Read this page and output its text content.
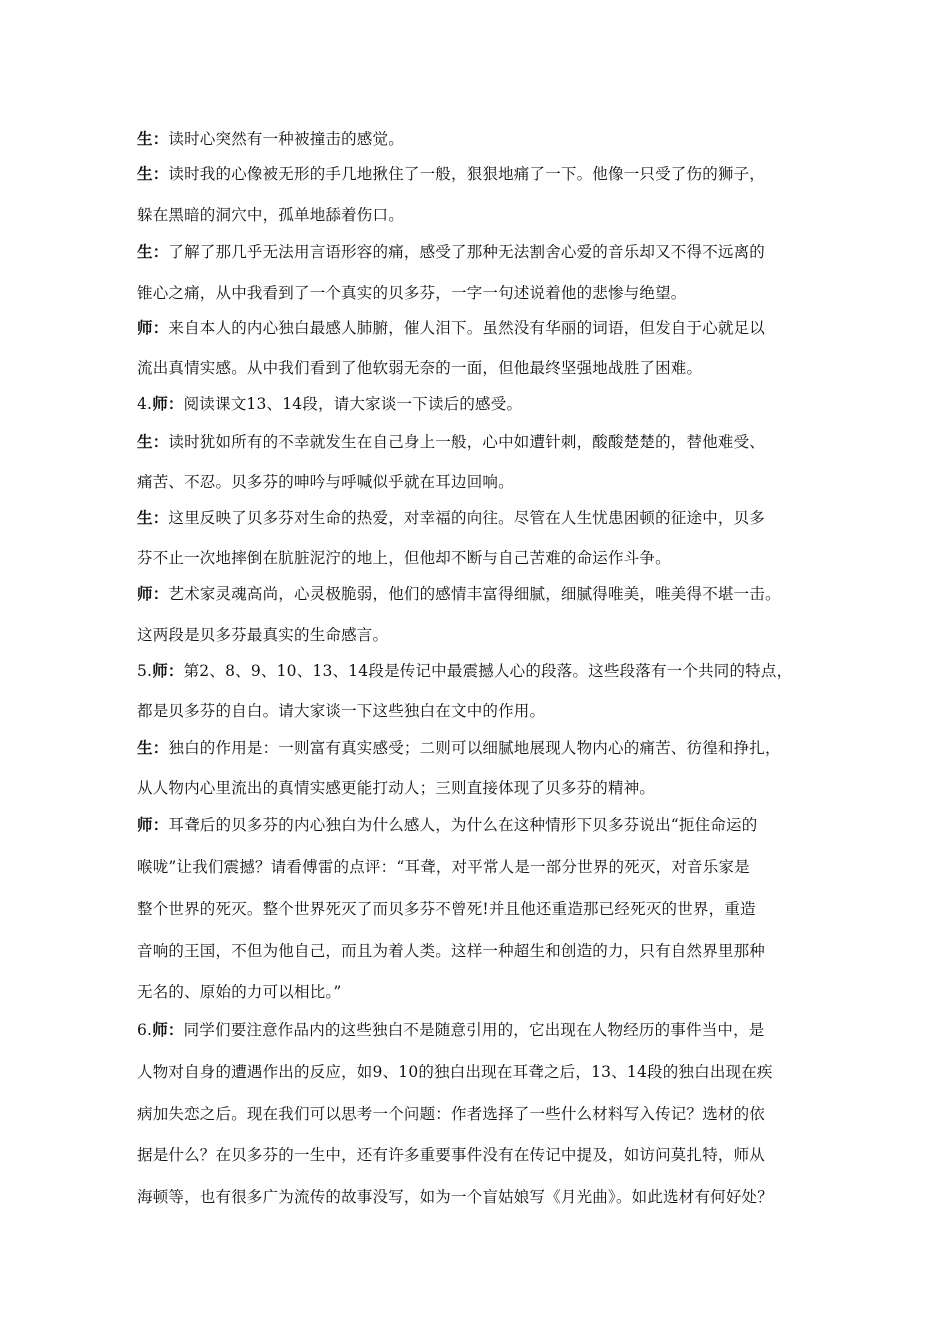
生：读时心突然有一种被撞击的感觉。
生：读时我的心像被无形的手几地揪住了一般，狠狠地痛了一下。他像一只受了伤的狮子，
躲在黑暗的洞穴中，孤单地舔着伤口。
生：了解了那几乎无法用言语形容的痛，感受了那种无法割舍心爱的音乐却又不得不远离的
锥心之痛，从中我看到了一个真实的贝多芬，一字一句述说着他的悲惨与绝望。
师：来自本人的内心独白最感人肺腑，催人泪下。虽然没有华丽的词语，但发自于心就足以
流出真情实感。从中我们看到了他软弱无奈的一面，但他最终坚强地战胜了困难。
4.师：阅读课文13、14段，请大家谈一下读后的感受。
生：读时犹如所有的不幸就发生在自己身上一般，心中如遭针刺，酸酸楚楚的，替他难受、
痛苦、不忍。贝多芬的呻吟与呼喊似乎就在耳边回响。
生：这里反映了贝多芬对生命的热爱，对幸福的向往。尽管在人生忧患困顿的征途中，贝多
芬不止一次地摔倒在肮脏泥泞的地上，但他却不断与自己苦难的命运作斗争。
师：艺术家灵魂高尚，心灵极脆弱，他们的感情丰富得细腻，细腻得唯美，唯美得不堪一击。
这两段是贝多芬最真实的生命感言。
5.师：第2、8、9、10、13、14段是传记中最震撼人心的段落。这些段落有一个共同的特点，
都是贝多芬的自白。请大家谈一下这些独白在文中的作用。
生：独白的作用是：一则富有真实感受；二则可以细腻地展现人物内心的痛苦、彷徨和挣扎，
从人物内心里流出的真情实感更能打动人；三则直接体现了贝多芬的精神。
师：耳聋后的贝多芬的内心独白为什么感人，为什么在这种情形下贝多芬说出“扼住命运的
喉咙”让我们震撼？请看傅雷的点评：“耳聋，对平常人是一部分世界的死灭，对音乐家是
整个世界的死灭。整个世界死灭了而贝多芬不曾死!并且他还重造那已经死灭的世界，重造
音响的王国，不但为他自己，而且为着人类。这样一种超生和创造的力，只有自然界里那种
无名的、原始的力可以相比。”
6.师：同学们要注意作品内的这些独白不是随意引用的，它出现在人物经历的事件当中，是
人物对自身的遭遇作出的反应，如9、10的独白出现在耳聋之后，13、14段的独白出现在疾
病加失恋之后。现在我们可以思考一个问题：作者选择了一些什么材料写入传记？选材的依
据是什么？在贝多芬的一生中，还有许多重要事件没有在传记中提及，如访问莫扎特，师从
海顿等，也有很多广为流传的故事没写，如为一个盲姑娘写《月光曲》。如此选材有何好处？
